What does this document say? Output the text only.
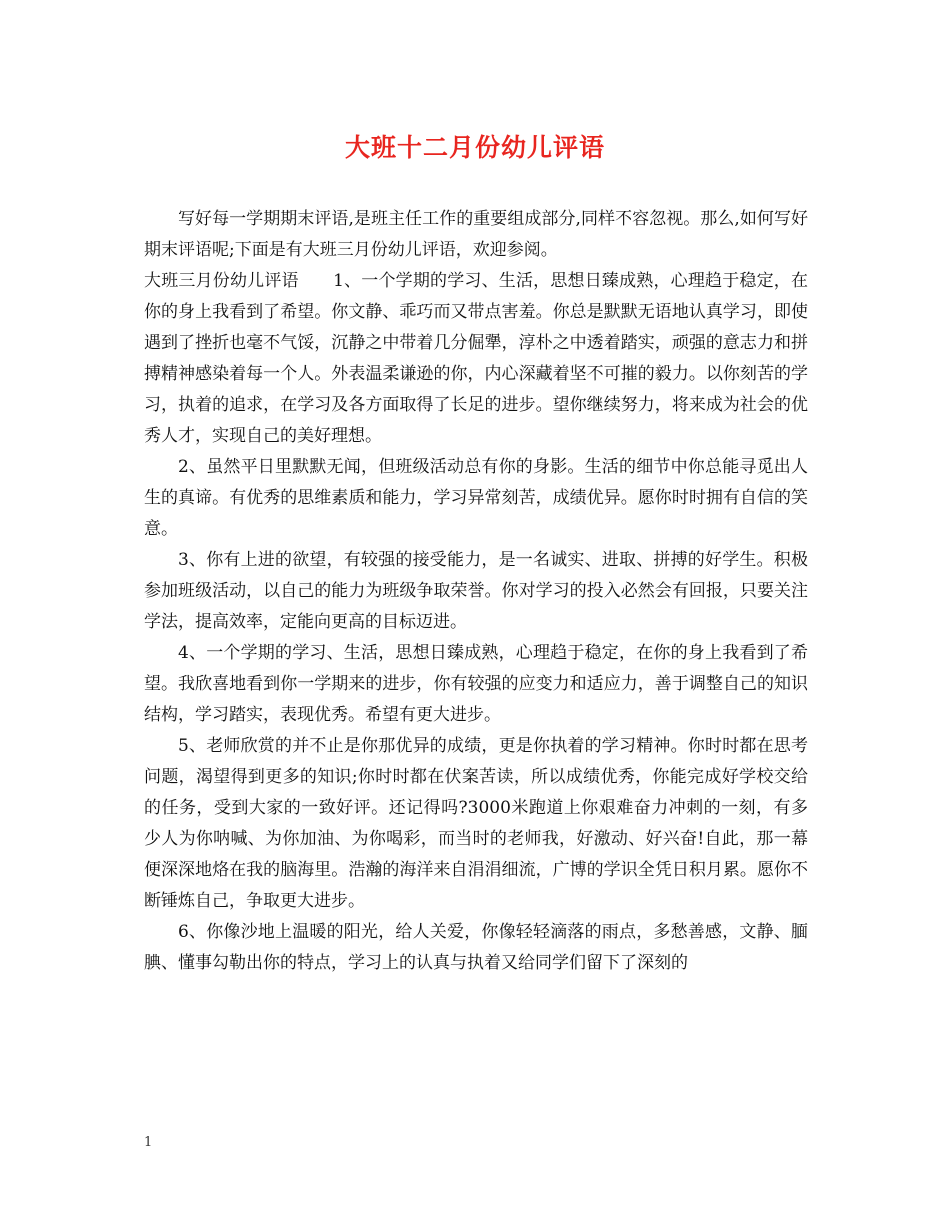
大班十二月份幼儿评语

写好每一学期期末评语,是班主任工作的重要组成部分,同样不容忽视。那么,如何写好期末评语呢;下面是有大班三月份幼儿评语，欢迎参阅。

大班三月份幼儿评语　　1、一个学期的学习、生活，思想日臻成熟，心理趋于稳定，在你的身上我看到了希望。你文静、乖巧而又带点害羞。你总是默默无语地认真学习，即使遇到了挫折也毫不气馁，沉静之中带着几分倔犟，淳朴之中透着踏实，顽强的意志力和拼搏精神感染着每一个人。外表温柔谦逊的你，内心深藏着坚不可摧的毅力。以你刻苦的学习，执着的追求，在学习及各方面取得了长足的进步。望你继续努力，将来成为社会的优秀人才，实现自己的美好理想。

2、虽然平日里默默无闻，但班级活动总有你的身影。生活的细节中你总能寻觅出人生的真谛。有优秀的思维素质和能力，学习异常刻苦，成绩优异。愿你时时拥有自信的笑意。

3、你有上进的欲望，有较强的接受能力，是一名诚实、进取、拼搏的好学生。积极参加班级活动，以自己的能力为班级争取荣誉。你对学习的投入必然会有回报，只要关注学法，提高效率，定能向更高的目标迈进。

4、一个学期的学习、生活，思想日臻成熟，心理趋于稳定，在你的身上我看到了希望。我欣喜地看到你一学期来的进步，你有较强的应变力和适应力，善于调整自己的知识结构，学习踏实，表现优秀。希望有更大进步。

5、老师欣赏的并不止是你那优异的成绩，更是你执着的学习精神。你时时都在思考问题，渴望得到更多的知识;你时时都在伏案苦读，所以成绩优秀，你能完成好学校交给的任务，受到大家的一致好评。还记得吗?3000米跑道上你艰难奋力冲刺的一刻，有多少人为你呐喊、为你加油、为你喝彩，而当时的老师我，好激动、好兴奋!自此，那一幕便深深地烙在我的脑海里。浩瀚的海洋来自涓涓细流，广博的学识全凭日积月累。愿你不断锤炼自己，争取更大进步。

6、你像沙地上温暖的阳光，给人关爱，你像轻轻滴落的雨点，多愁善感，文静、腼腆、懂事勾勒出你的特点，学习上的认真与执着又给同学们留下了深刻的

1
